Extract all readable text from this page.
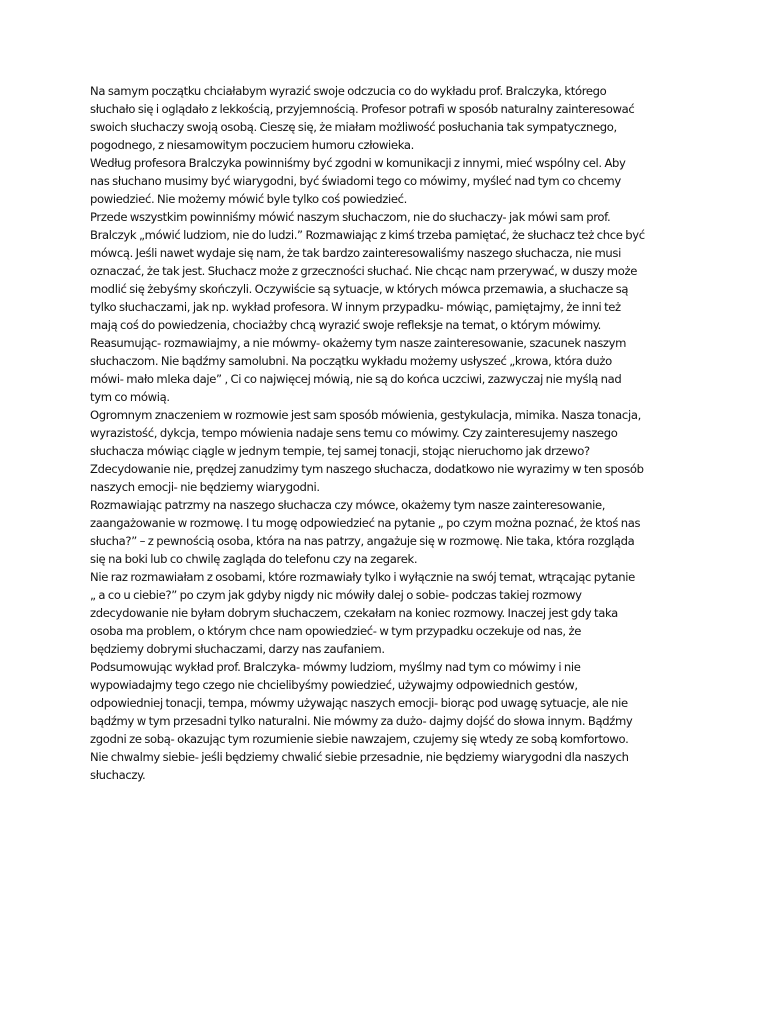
Na samym początku chciałabym wyrazić swoje odczucia co do wykładu prof. Bralczyka, którego
słuchało się i oglądało z lekkością, przyjemnością. Profesor potrafi w sposób naturalny zainteresować
swoich słuchaczy swoją osobą. Cieszę się, że miałam możliwość posłuchania tak sympatycznego,
pogodnego, z niesamowitym poczuciem humoru człowieka.
Według profesora Bralczyka powinniśmy być zgodni w komunikacji z innymi, mieć wspólny cel. Aby
nas słuchano musimy być wiarygodni, być świadomi tego co mówimy, myśleć nad tym co chcemy
powiedzieć. Nie możemy mówić byle tylko coś powiedzieć.
Przede wszystkim powinniśmy mówić naszym słuchaczom, nie do słuchaczy- jak mówi sam prof.
Bralczyk „mówić ludziom, nie do ludzi.” Rozmawiając z kimś trzeba pamiętać, że słuchacz też chce być
mówcą. Jeśli nawet wydaje się nam, że tak bardzo zainteresowaliśmy naszego słuchacza, nie musi
oznaczać, że tak jest. Słuchacz może z grzeczności słuchać. Nie chcąc nam przerywać, w duszy może
modlić się żebyśmy skończyli. Oczywiście są sytuacje, w których mówca przemawia, a słuchacze są
tylko słuchaczami, jak np. wykład profesora. W innym przypadku- mówiąc, pamiętajmy, że inni też
mają coś do powiedzenia, chociażby chcą wyrazić swoje refleksje na temat, o którym mówimy.
Reasumując- rozmawiajmy, a nie mówmy- okażemy tym nasze zainteresowanie, szacunek naszym
słuchaczom. Nie bądźmy samolubni. Na początku wykładu możemy usłyszeć „krowa, która dużo
mówi- mało mleka daje” , Ci co najwięcej mówią, nie są do końca uczciwi, zazwyczaj nie myślą nad
tym co mówią.
Ogromnym znaczeniem w rozmowie jest sam sposób mówienia, gestykulacja, mimika. Nasza tonacja,
wyrazistość, dykcja, tempo mówienia nadaje sens temu co mówimy. Czy zainteresujemy naszego
słuchacza mówiąc ciągle w jednym tempie, tej samej tonacji, stojąc nieruchomo jak drzewo?
Zdecydowanie nie, prędzej zanudzimy tym naszego słuchacza, dodatkowo nie wyrazimy w ten sposób
naszych emocji- nie będziemy wiarygodni.
Rozmawiając patrzmy na naszego słuchacza czy mówce, okażemy tym nasze zainteresowanie,
zaangażowanie w rozmowę. I tu mogę odpowiedzieć na pytanie „ po czym można poznać, że ktoś nas
słucha?” – z pewnością osoba, która na nas patrzy, angażuje się w rozmowę. Nie taka, która rozgląda
się na boki lub co chwilę zagląda do telefonu czy na zegarek.
Nie raz rozmawiałam z osobami, które rozmawiały tylko i wyłącznie na swój temat, wtrącając pytanie
„ a co u ciebie?” po czym jak gdyby nigdy nic mówiły dalej o sobie- podczas takiej rozmowy
zdecydowanie nie byłam dobrym słuchaczem, czekałam na koniec rozmowy. Inaczej jest gdy taka
osoba ma problem, o którym chce nam opowiedzieć- w tym przypadku oczekuje od nas, że
będziemy dobrymi słuchaczami, darzy nas zaufaniem.
Podsumowując wykład prof. Bralczyka- mówmy ludziom, myślmy nad tym co mówimy i nie
wypowiadajmy tego czego nie chcielibyśmy powiedzieć, używajmy odpowiednich gestów,
odpowiedniej tonacji, tempa, mówmy używając naszych emocji- biorąc pod uwagę sytuacje, ale nie
bądźmy w tym przesadni tylko naturalni. Nie mówmy za dużo- dajmy dojść do słowa innym. Bądźmy
zgodni ze sobą- okazując tym rozumienie siebie nawzajem, czujemy się wtedy ze sobą komfortowo.
Nie chwalmy siebie- jeśli będziemy chwalić siebie przesadnie, nie będziemy wiarygodni dla naszych
słuchaczy.
